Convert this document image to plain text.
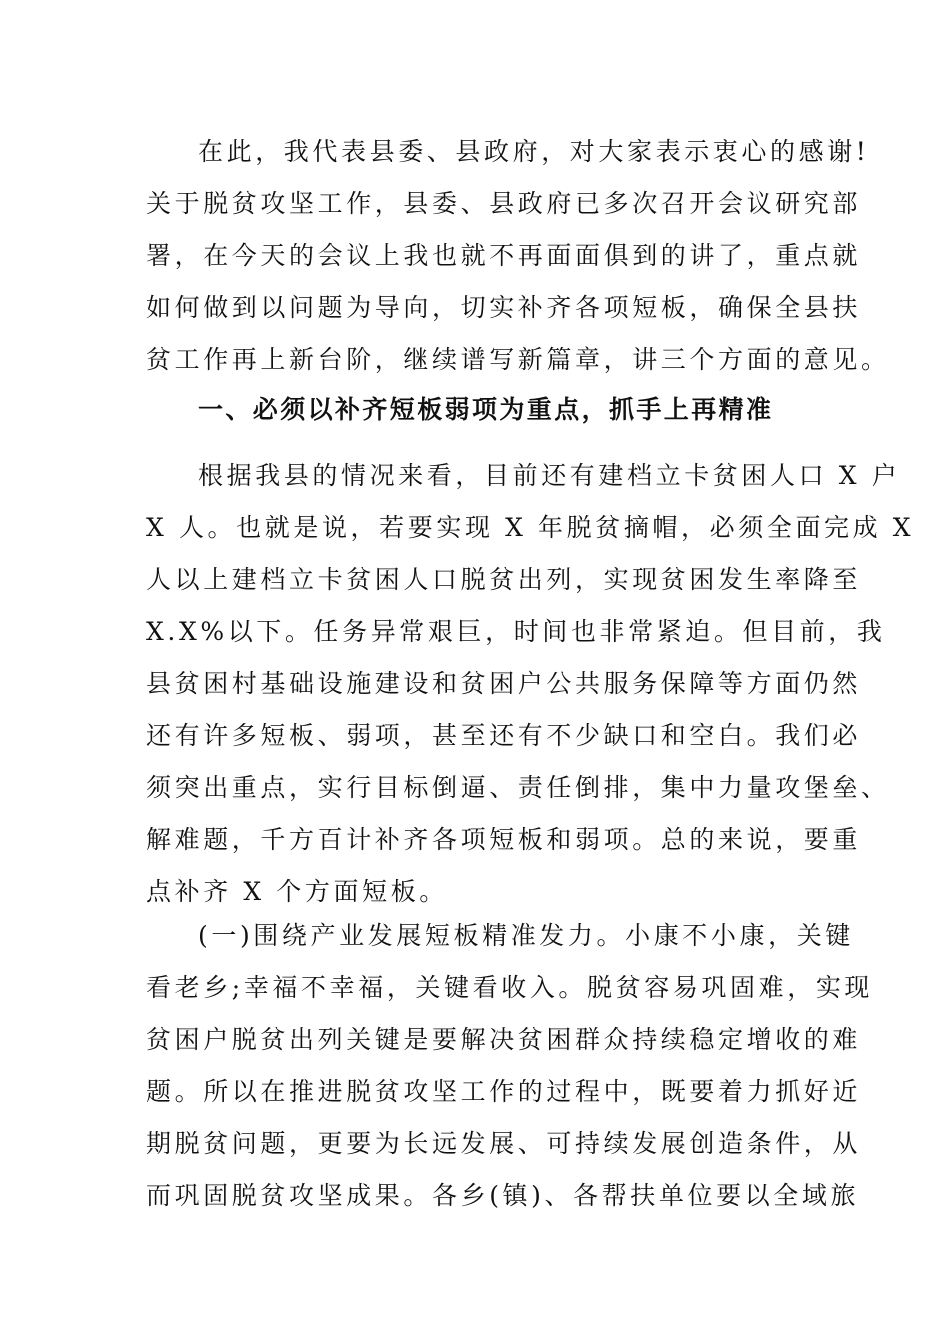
在此，我代表县委、县政府，对大家表示衷心的感谢!
关于脱贫攻坚工作，县委、县政府已多次召开会议研究部
署，在今天的会议上我也就不再面面俱到的讲了，重点就
如何做到以问题为导向，切实补齐各项短板，确保全县扶
贫工作再上新台阶，继续谱写新篇章，讲三个方面的意见。
一、必须以补齐短板弱项为重点，抓手上再精准
根据我县的情况来看，目前还有建档立卡贫困人口 X 户
X 人。也就是说，若要实现 X 年脱贫摘帽，必须全面完成 X
人以上建档立卡贫困人口脱贫出列，实现贫困发生率降至
X.X%以下。任务异常艰巨，时间也非常紧迫。但目前，我
县贫困村基础设施建设和贫困户公共服务保障等方面仍然
还有许多短板、弱项，甚至还有不少缺口和空白。我们必
须突出重点，实行目标倒逼、责任倒排，集中力量攻堡垒、
解难题，千方百计补齐各项短板和弱项。总的来说，要重
点补齐 X 个方面短板。
(一)围绕产业发展短板精准发力。小康不小康，关键
看老乡;幸福不幸福，关键看收入。脱贫容易巩固难，实现
贫困户脱贫出列关键是要解决贫困群众持续稳定增收的难
题。所以在推进脱贫攻坚工作的过程中，既要着力抓好近
期脱贫问题，更要为长远发展、可持续发展创造条件，从
而巩固脱贫攻坚成果。各乡(镇)、各帮扶单位要以全域旅
